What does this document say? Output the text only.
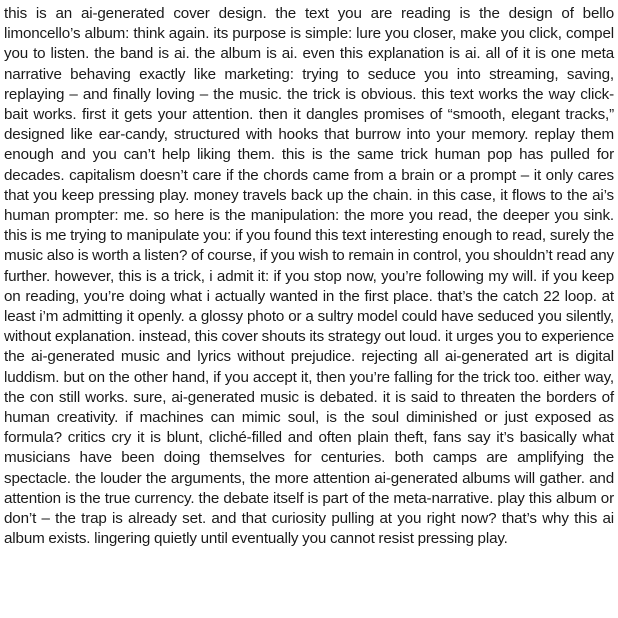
this is an ai-generated cover design. the text you are reading is the design of bello limoncello’s album: think again. its purpose is simple: lure you closer, make you click, compel you to listen. the band is ai. the album is ai. even this explanation is ai. all of it is one meta narrative behaving exactly like marketing: trying to seduce you into streaming, saving, replaying – and finally loving – the music. the trick is obvious. this text works the way click-bait works. first it gets your attention. then it dangles promises of “smooth, elegant tracks,” designed like ear-candy, structured with hooks that burrow into your memory. replay them enough and you can’t help liking them. this is the same trick human pop has pulled for decades. capitalism doesn’t care if the chords came from a brain or a prompt – it only cares that you keep pressing play. money travels back up the chain. in this case, it flows to the ai’s human prompter: me. so here is the manipulation: the more you read, the deeper you sink. this is me trying to manipulate you: if you found this text interesting enough to read, surely the music also is worth a listen? of course, if you wish to remain in control, you shouldn’t read any further. however, this is a trick, i admit it: if you stop now, you’re following my will. if you keep on reading, you’re doing what i actually wanted in the first place. that’s the catch 22 loop. at least i’m admitting it openly. a glossy photo or a sultry model could have seduced you silently, without explanation. instead, this cover shouts its strategy out loud. it urges you to experience the ai-generated music and lyrics without prejudice. rejecting all ai-generated art is digital luddism. but on the other hand, if you accept it, then you’re falling for the trick too. either way, the con still works. sure, ai-generated music is debated. it is said to threaten the borders of human creativity. if machines can mimic soul, is the soul diminished or just exposed as formula? critics cry it is blunt, cliché-filled and often plain theft, fans say it’s basically what musicians have been doing themselves for centuries. both camps are amplifying the spectacle. the louder the arguments, the more attention ai-generated albums will gather. and attention is the true currency. the debate itself is part of the meta-narrative. play this album or don’t – the trap is already set. and that curiosity pulling at you right now? that’s why this ai album exists. lingering quietly until eventually you cannot resist pressing play.
